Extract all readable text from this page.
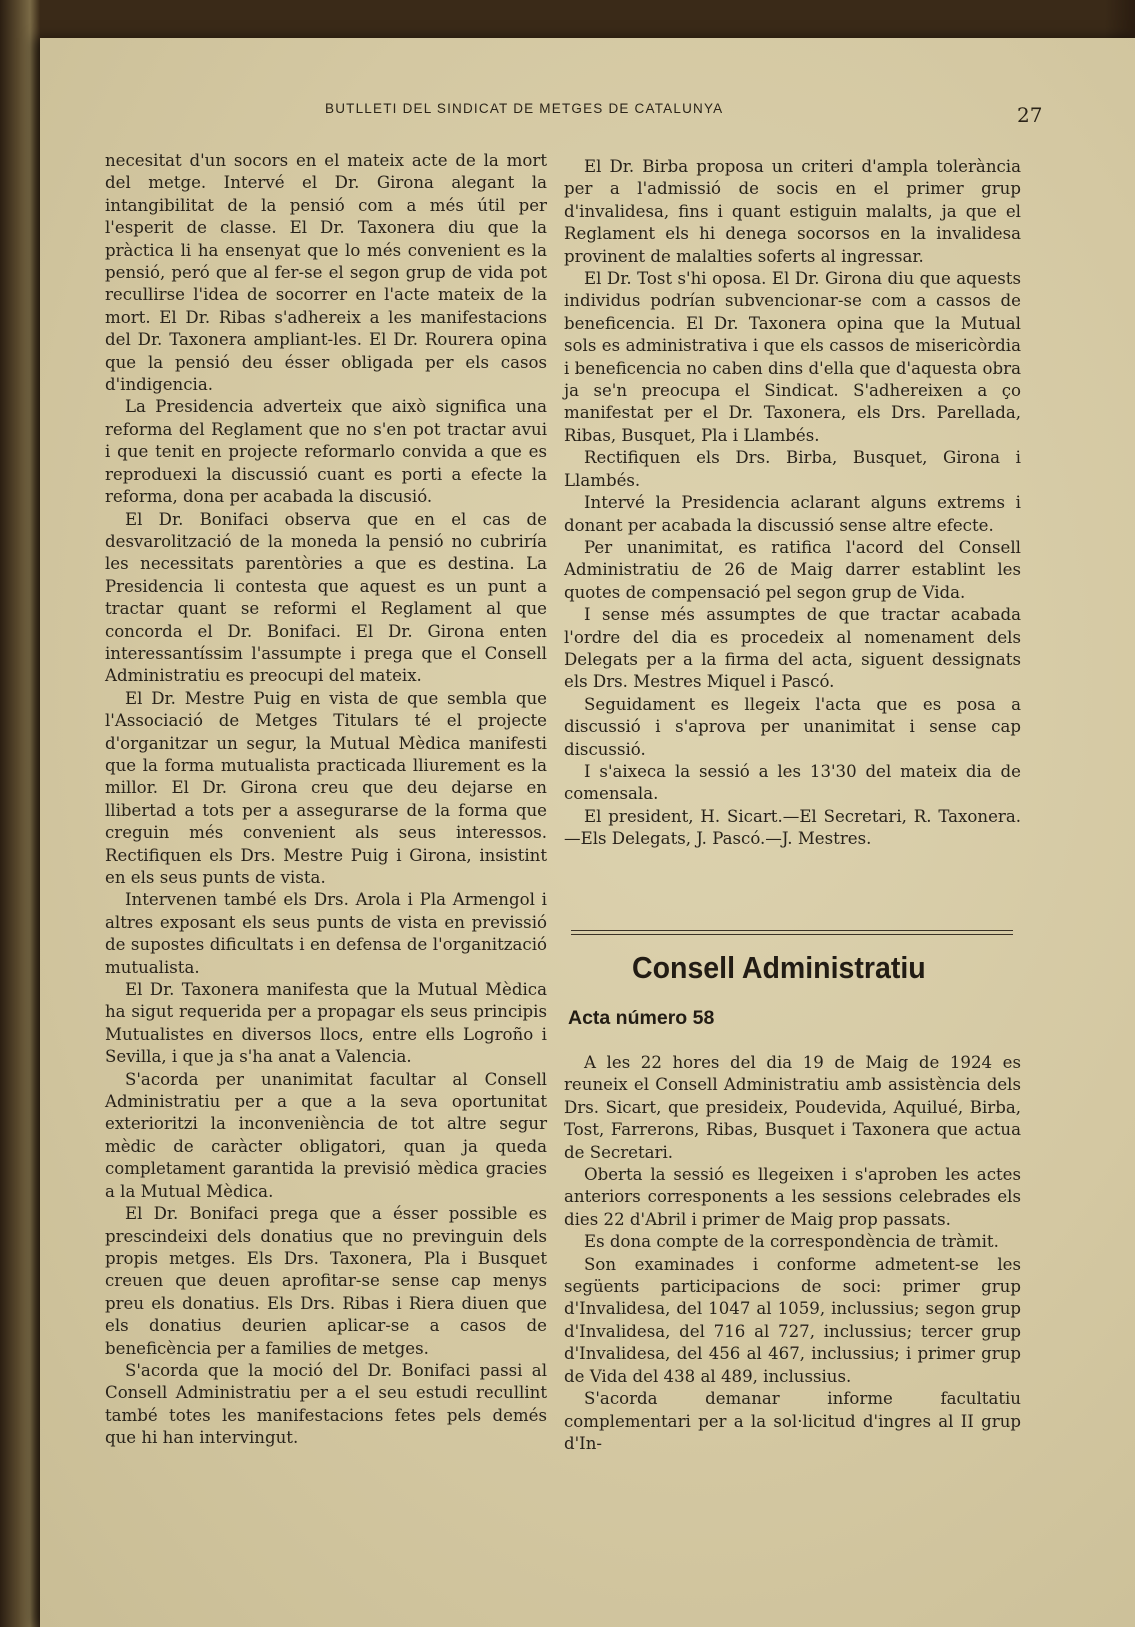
BUTLLETI DEL SINDICAT DE METGES DE CATALUNYA	27

necesitat d'un socors en el mateix acte de la mort del metge. Intervé el Dr. Girona alegant la intangibilitat de la pensió com a més útil per l'esperit de classe. El Dr. Taxonera diu que la pràctica li ha ensenyat que lo més convenient es la pensió, peró que al fer-se el segon grup de vida pot recullirse l'idea de socorrer en l'acte mateix de la mort. El Dr. Ribas s'adhereix a les manifestacions del Dr. Taxonera ampliant-les. El Dr. Rourera opina que la pensió deu ésser obligada per els casos d'indigencia.

La Presidencia adverteix que això significa una reforma del Reglament que no s'en pot tractar avui i que tenit en projecte reformarlo convida a que es reproduexi la discussió cuant es porti a efecte la reforma, dona per acabada la discusió.

El Dr. Bonifaci observa que en el cas de desvarolització de la moneda la pensió no cubriría les necessitats parentòries a que es destina. La Presidencia li contesta que aquest es un punt a tractar quant se reformi el Reglament al que concorda el Dr. Bonifaci. El Dr. Girona enten interessantíssim l'assumpte i prega que el Consell Administratiu es preocupi del mateix.

El Dr. Mestre Puig en vista de que sembla que l'Associació de Metges Titulars té el projecte d'organitzar un segur, la Mutual Mèdica manifesti que la forma mutualista practicada lliurement es la millor. El Dr. Girona creu que deu dejarse en llibertad a tots per a assegurarse de la forma que creguin més convenient als seus interessos. Rectifiquen els Drs. Mestre Puig i Girona, insistint en els seus punts de vista.

Intervenen també els Drs. Arola i Pla Armengol i altres exposant els seus punts de vista en previssió de supostes dificultats i en defensa de l'organització mutualista.

El Dr. Taxonera manifesta que la Mutual Mèdica ha sigut requerida per a propagar els seus principis Mutualistes en diversos llocs, entre ells Logroño i Sevilla, i que ja s'ha anat a Valencia.

S'acorda per unanimitat facultar al Consell Administratiu per a que a la seva oportunitat exterioritzi la inconveniència de tot altre segur mèdic de caràcter obligatori, quan ja queda completament garantida la previsió mèdica gracies a la Mutual Mèdica.

El Dr. Bonifaci prega que a ésser possible es prescindeixi dels donatius que no previnguin dels propis metges. Els Drs. Taxonera, Pla i Busquet creuen que deuen aprofitar-se sense cap menys preu els donatius. Els Drs. Ribas i Riera diuen que els donatius deurien aplicar-se a casos de beneficència per a families de metges.

S'acorda que la moció del Dr. Bonifaci passi al Consell Administratiu per a el seu estudi recullint també totes les manifestacions fetes pels demés que hi han intervingut.

El Dr. Birba proposa un criteri d'ampla tolerància per a l'admissió de socis en el primer grup d'invalidesa, fins i quant estiguin malalts, ja que el Reglament els hi denega socorsos en la invalidesa provinent de malalties soferts al ingressar.

El Dr. Tost s'hi oposa. El Dr. Girona diu que aquests individus podrían subvencionar-se com a cassos de beneficencia. El Dr. Taxonera opina que la Mutual sols es administrativa i que els cassos de misericòrdia i beneficencia no caben dins d'ella que d'aquesta obra ja se'n preocupa el Sindicat. S'adhereixen a ço manifestat per el Dr. Taxonera, els Drs. Parellada, Ribas, Busquet, Pla i Llambés.

Rectifiquen els Drs. Birba, Busquet, Girona i Llambés.

Intervé la Presidencia aclarant alguns extrems i donant per acabada la discussió sense altre efecte.

Per unanimitat, es ratifica l'acord del Consell Administratiu de 26 de Maig darrer establint les quotes de compensació pel segon grup de Vida.

I sense més assumptes de que tractar acabada l'ordre del dia es procedeix al nomenament dels Delegats per a la firma del acta, siguent dessignats els Drs. Mestres Miquel i Pascó.

Seguidament es llegeix l'acta que es posa a discussió i s'aprova per unanimitat i sense cap discussió.

I s'aixeca la sessió a les 13'30 del mateix dia de comensala.

El president, H. Sicart.—El Secretari, R. Taxonera.—Els Delegats, J. Pascó.—J. Mestres.

Consell Administratiu
Acta número 58

A les 22 hores del dia 19 de Maig de 1924 es reuneix el Consell Administratiu amb assistència dels Drs. Sicart, que presideix, Poudevida, Aquilué, Birba, Tost, Farrerons, Ribas, Busquet i Taxonera que actua de Secretari.

Oberta la sessió es llegeixen i s'aproben les actes anteriors corresponents a les sessions celebrades els dies 22 d'Abril i primer de Maig prop passats.

Es dona compte de la correspondència de tràmit.

Son examinades i conforme admetent-se les següents participacions de soci: primer grup d'Invalidesa, del 1047 al 1059, inclussius; segon grup d'Invalidesa, del 716 al 727, inclussius; tercer grup d'Invalidesa, del 456 al 467, inclussius; i primer grup de Vida del 438 al 489, inclussius.

S'acorda demanar informe facultatiu complementari per a la sol·licitud d'ingres al II grup d'In-
